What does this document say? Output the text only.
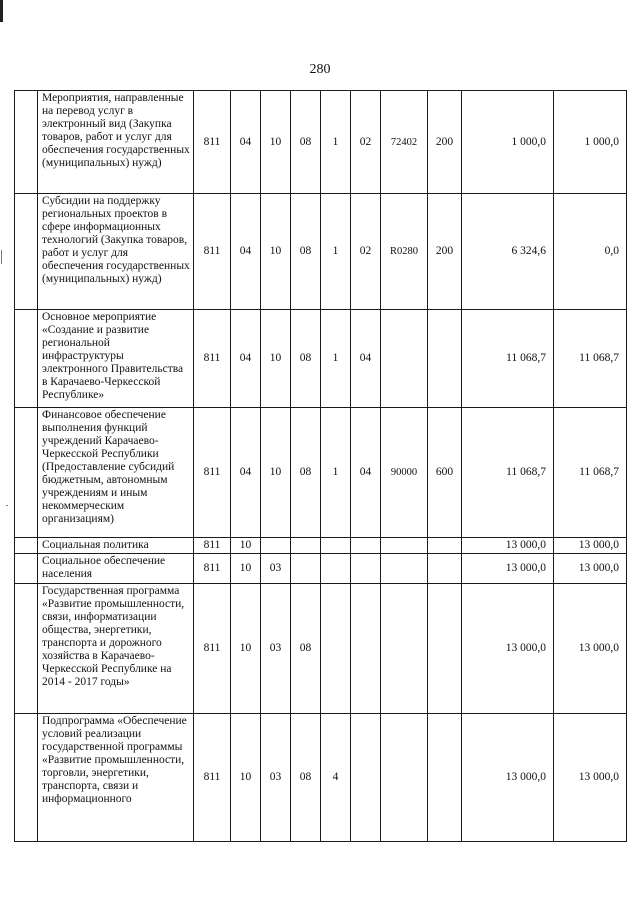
280
	Мероприятия, направленные на перевод услуг в электронный вид (Закупка товаров, работ и услуг для обеспечения государственных (муниципальных) нужд)	811	04	10	08	1	02	72402	200	1 000,0	1 000,0
	Субсидии на поддержку региональных проектов в сфере информационных технологий (Закупка товаров, работ и услуг для обеспечения государственных (муниципальных) нужд)	811	04	10	08	1	02	R0280	200	6 324,6	0,0
	Основное мероприятие «Создание и развитие региональной инфраструктуры электронного Правительства в Карачаево-Черкесской Республике»	811	04	10	08	1	04			11 068,7	11 068,7
	Финансовое обеспечение выполнения функций учреждений Карачаево-Черкесской Республики (Предоставление субсидий бюджетным, автономным учреждениям и иным некоммерческим организациям)	811	04	10	08	1	04	90000	600	11 068,7	11 068,7
	Социальная политика	811	10							13 000,0	13 000,0
	Социальное обеспечение населения	811	10	03						13 000,0	13 000,0
	Государственная программа «Развитие промышленности, связи, информатизации общества, энергетики, транспорта и дорожного хозяйства в Карачаево-Черкесской Республике на 2014 - 2017 годы»	811	10	03	08					13 000,0	13 000,0
	Подпрограмма «Обеспечение условий реализации государственной программы «Развитие промышленности, торговли, энергетики, транспорта, связи и информационного	811	10	03	08	4				13 000,0	13 000,0
